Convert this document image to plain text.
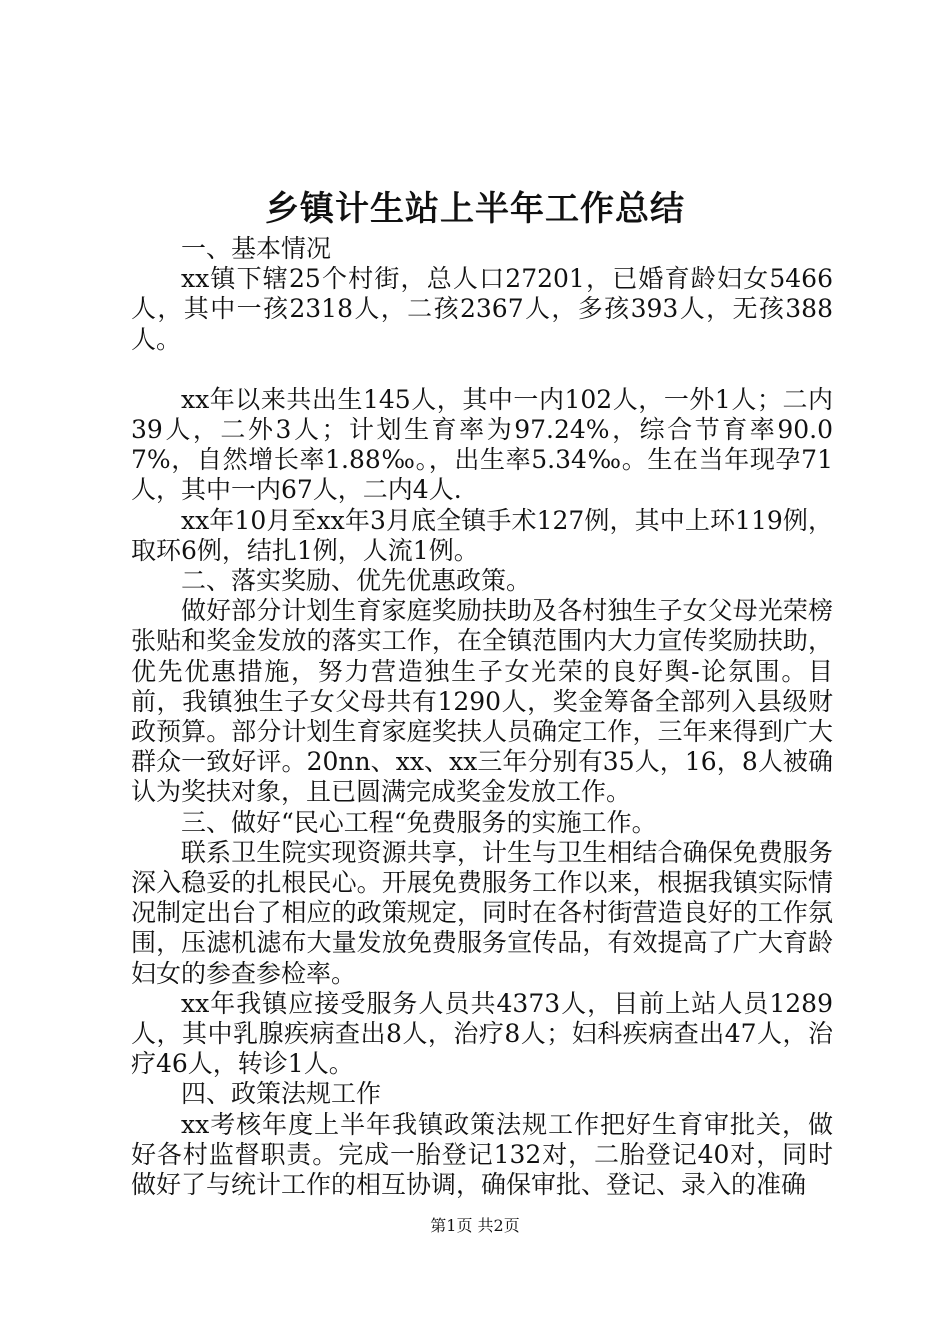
乡镇计生站上半年工作总结

一、基本情况

xx镇下辖25个村街，总人口27201，已婚育龄妇女5466人，其中一孩2318人，二孩2367人，多孩393人，无孩388人。

xx年以来共出生145人，其中一内102人，一外1人；二内39人，二外3人；计划生育率为97.24%，综合节育率90.07%，自然增长率1.88‰。，出生率5.34‰。生在当年现孕71人，其中一内67人，二内4人.

xx年10月至xx年3月底全镇手术127例，其中上环119例，取环6例，结扎1例，人流1例。

二、落实奖励、优先优惠政策。

做好部分计划生育家庭奖励扶助及各村独生子女父母光荣榜张贴和奖金发放的落实工作，在全镇范围内大力宣传奖励扶助，优先优惠措施，努力营造独生子女光荣的良好舆-论氛围。目前，我镇独生子女父母共有1290人，奖金筹备全部列入县级财政预算。部分计划生育家庭奖扶人员确定工作，三年来得到广大群众一致好评。20nn、xx、xx三年分别有35人，16，8人被确认为奖扶对象，且已圆满完成奖金发放工作。

三、做好“民心工程“免费服务的实施工作。

联系卫生院实现资源共享，计生与卫生相结合确保免费服务深入稳妥的扎根民心。开展免费服务工作以来，根据我镇实际情况制定出台了相应的政策规定，同时在各村街营造良好的工作氛围，压滤机滤布大量发放免费服务宣传品，有效提高了广大育龄妇女的参查参检率。

xx年我镇应接受服务人员共4373人，目前上站人员1289人，其中乳腺疾病查出8人，治疗8人；妇科疾病查出47人，治疗46人，转诊1人。

四、政策法规工作

xx考核年度上半年我镇政策法规工作把好生育审批关，做好各村监督职责。完成一胎登记132对，二胎登记40对，同时做好了与统计工作的相互协调，确保审批、登记、录入的准确

第1页 共2页
